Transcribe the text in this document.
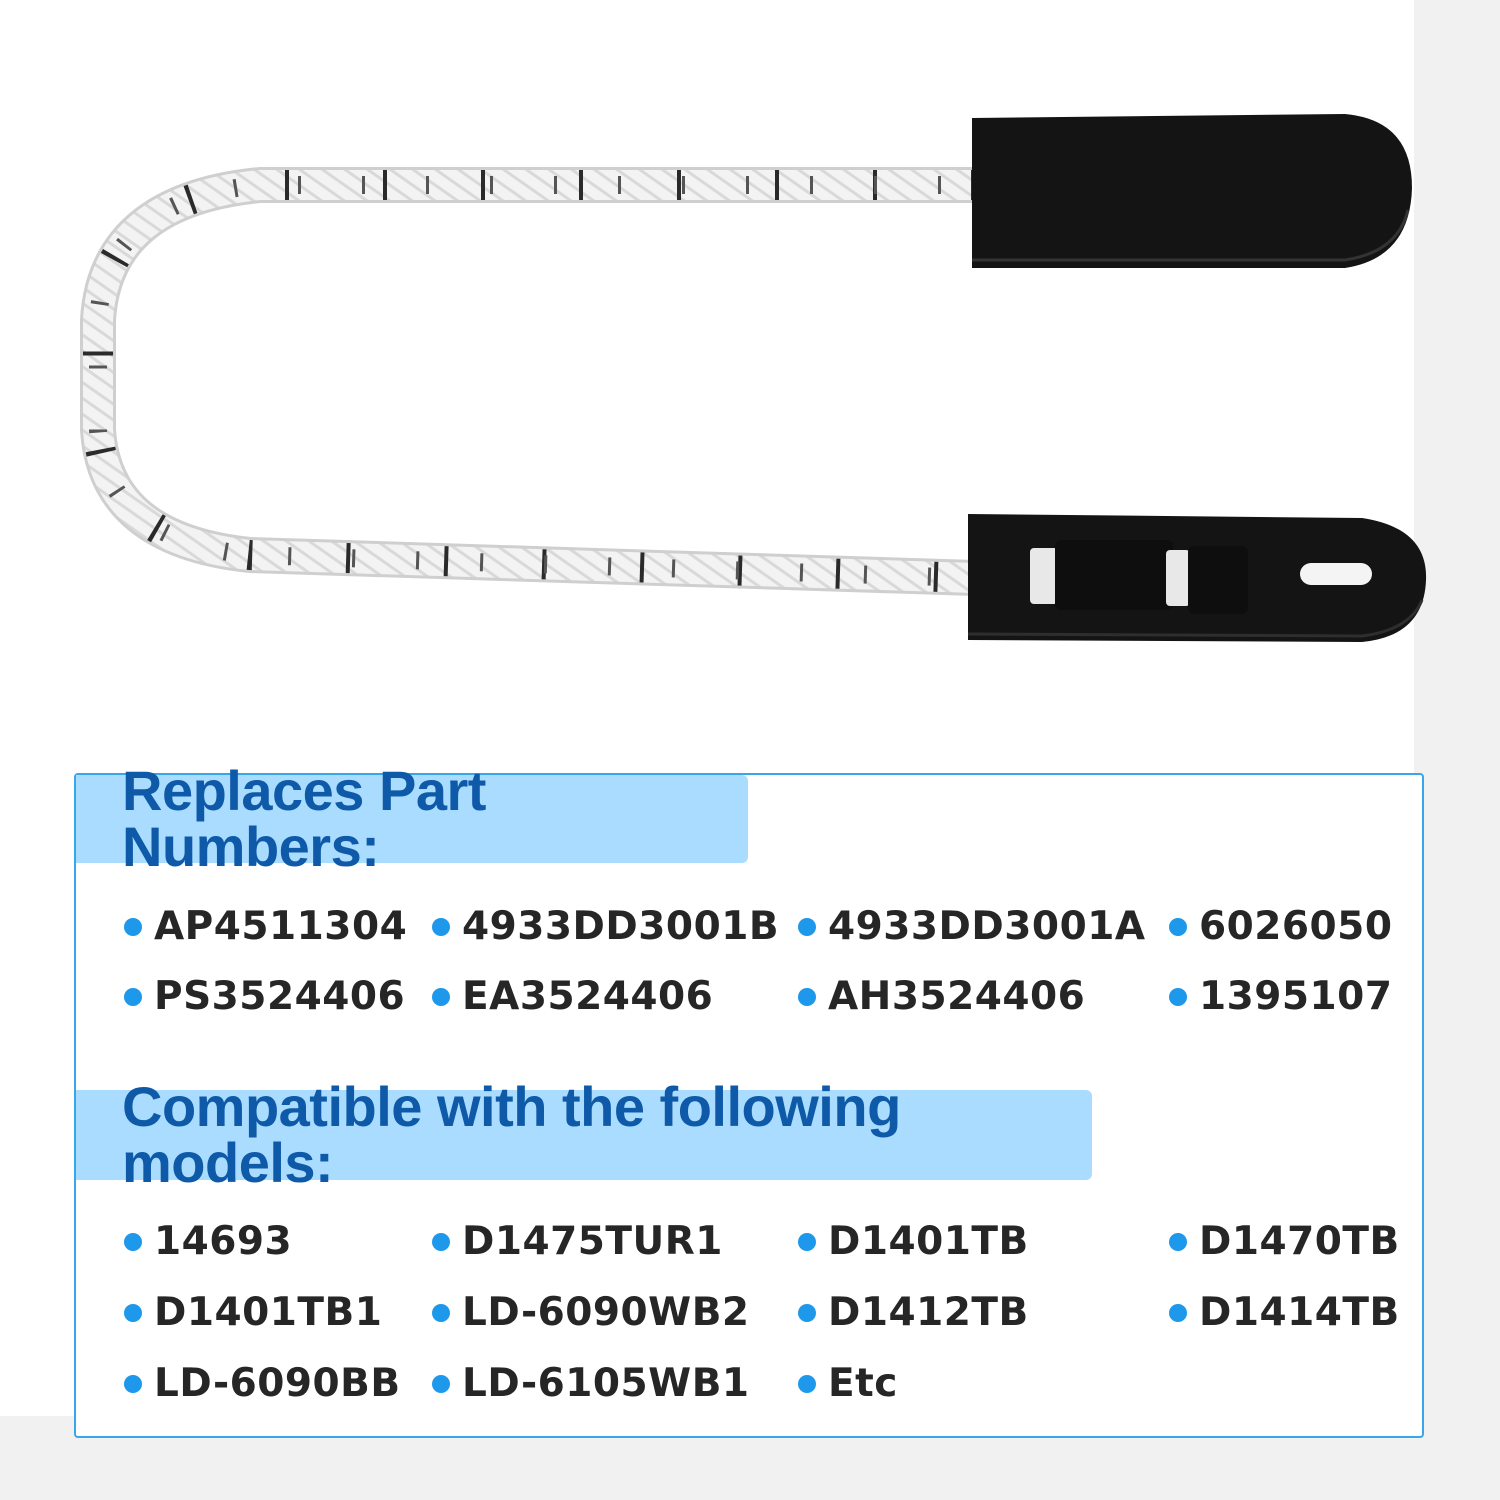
Replaces Part Numbers:
AP4511304 4933DD3001B 4933DD3001A 6026050
PS3524406 EA3524406	AH3524406	1395107
Compatible with the following models:
14693	D1475TUR1	D1401TB	D1470TB
D1401TB1 LD-6090WB2 D1412TB	D1414TB
LD-6090BB LD-6105WB1 Etc
